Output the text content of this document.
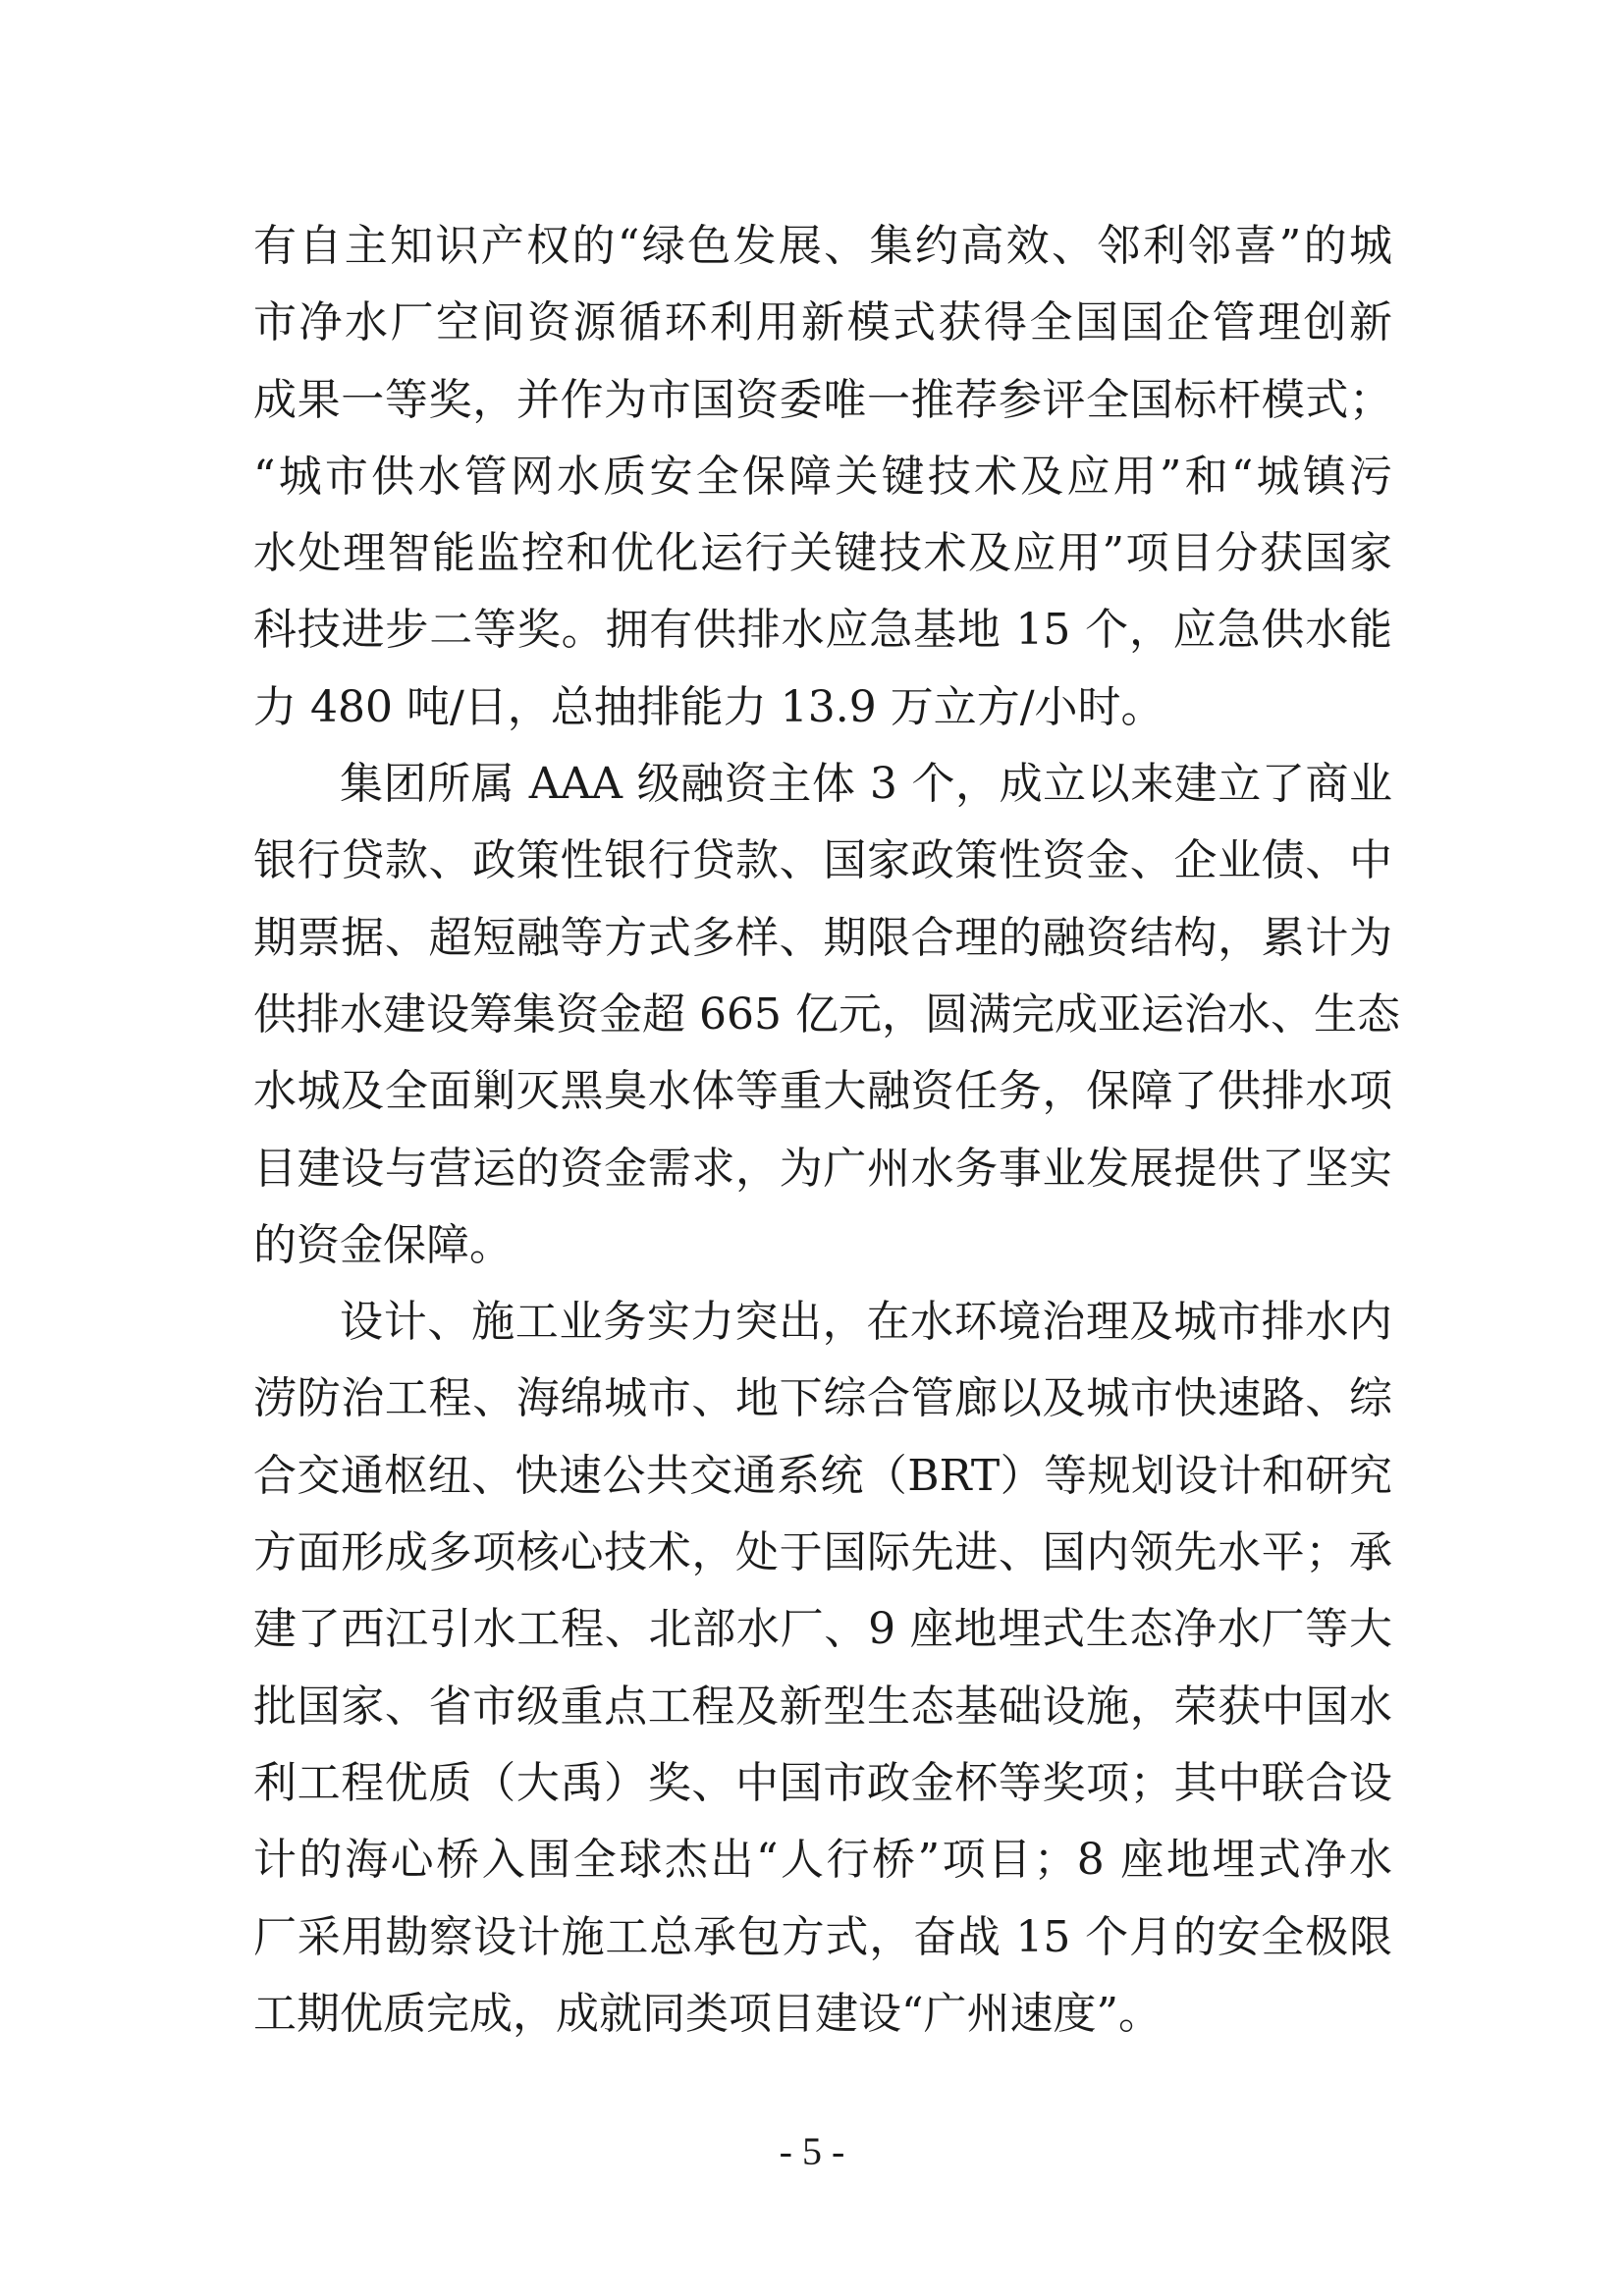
有自主知识产权的“绿色发展、集约高效、邻利邻喜”的城
市净水厂空间资源循环利用新模式获得全国国企管理创新
成果一等奖，并作为市国资委唯一推荐参评全国标杆模式；
“城市供水管网水质安全保障关键技术及应用”和“城镇污
水处理智能监控和优化运行关键技术及应用”项目分获国家
科技进步二等奖。拥有供排水应急基地 15 个，应急供水能
力 480 吨/日，总抽排能力 13.9 万立方/小时。
集团所属 AAA 级融资主体 3 个，成立以来建立了商业
银行贷款、政策性银行贷款、国家政策性资金、企业债、中
期票据、超短融等方式多样、期限合理的融资结构，累计为
供排水建设筹集资金超 665 亿元，圆满完成亚运治水、生态
水城及全面剿灭黑臭水体等重大融资任务，保障了供排水项
目建设与营运的资金需求，为广州水务事业发展提供了坚实
的资金保障。
设计、施工业务实力突出，在水环境治理及城市排水内
涝防治工程、海绵城市、地下综合管廊以及城市快速路、综
合交通枢纽、快速公共交通系统（BRT）等规划设计和研究
方面形成多项核心技术，处于国际先进、国内领先水平；承
建了西江引水工程、北部水厂、9 座地埋式生态净水厂等大
批国家、省市级重点工程及新型生态基础设施，荣获中国水
利工程优质（大禹）奖、中国市政金杯等奖项；其中联合设
计的海心桥入围全球杰出“人行桥”项目；8 座地埋式净水
厂采用勘察设计施工总承包方式，奋战 15 个月的安全极限
工期优质完成，成就同类项目建设“广州速度”。
- 5 -
